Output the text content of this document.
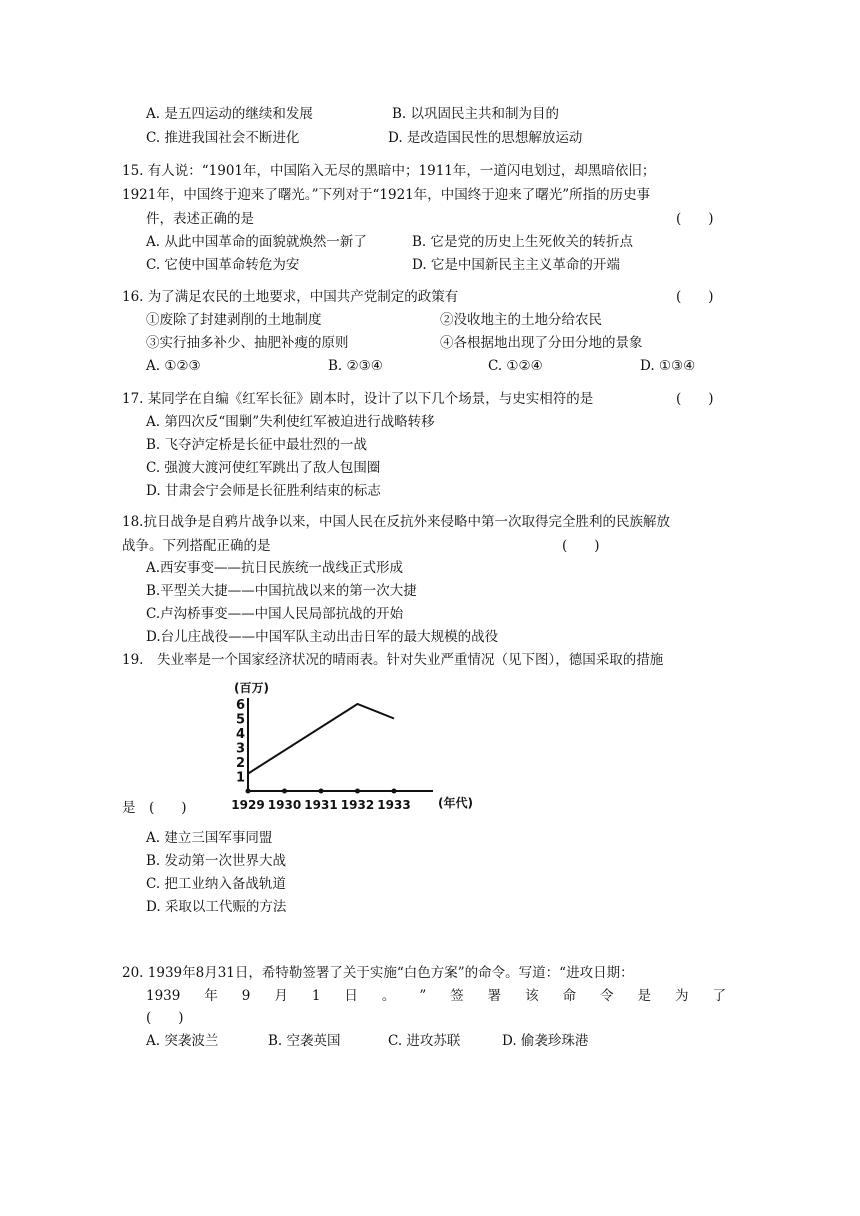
A. 是五四运动的继续和发展	B. 以巩固民主共和制为目的
C. 推进我国社会不断进化	D. 是改造国民性的思想解放运动
15. 有人说：“1901年，中国陷入无尽的黑暗中；1911年，一道闪电划过，却黑暗依旧；
1921年，中国终于迎来了曙光。”下列对于“1921年，中国终于迎来了曙光”所指的历史事
件，表述正确的是	(　　)
A. 从此中国革命的面貌就焕然一新了	B. 它是党的历史上生死攸关的转折点
C. 它使中国革命转危为安	D. 它是中国新民主主义革命的开端
16. 为了满足农民的土地要求，中国共产党制定的政策有	(　　)
①废除了封建剥削的土地制度	②没收地主的土地分给农民
③实行抽多补少、抽肥补瘦的原则	④各根据地出现了分田分地的景象
A. ①②③	B. ②③④	C. ①②④	D. ①③④
17. 某同学在自编《红军长征》剧本时，设计了以下几个场景，与史实相符的是	(　　)
A. 第四次反“围剿”失利使红军被迫进行战略转移
B. 飞夺泸定桥是长征中最壮烈的一战
C. 强渡大渡河使红军跳出了敌人包围圈
D. 甘肃会宁会师是长征胜利结束的标志
18.抗日战争是自鸦片战争以来，中国人民在反抗外来侵略中第一次取得完全胜利的民族解放
战争。下列搭配正确的是	(　　)
A.西安事变——抗日民族统一战线正式形成
B.平型关大捷——中国抗战以来的第一次大捷
C.卢沟桥事变——中国人民局部抗战的开始
D.台儿庄战役——中国军队主动出击日军的最大规模的战役
19.　失业率是一个国家经济状况的晴雨表。针对失业严重情况（见下图），德国采取的措施
(百万)
(年代)
1
2
3
4
5
6
1929 1930 1931 1932 1933
是　(　　)
A. 建立三国军事同盟
B. 发动第一次世界大战
C. 把工业纳入备战轨道
D. 采取以工代赈的方法
20. 1939年8月31日，希特勒签署了关于实施“白色方案”的命令。写道：“进攻日期：
1939 年 9 月 1 日 。 ” 签 署 该 命 令 是 为 了
(　　)
A. 突袭波兰	B. 空袭英国	C. 进攻苏联	D. 偷袭珍珠港
